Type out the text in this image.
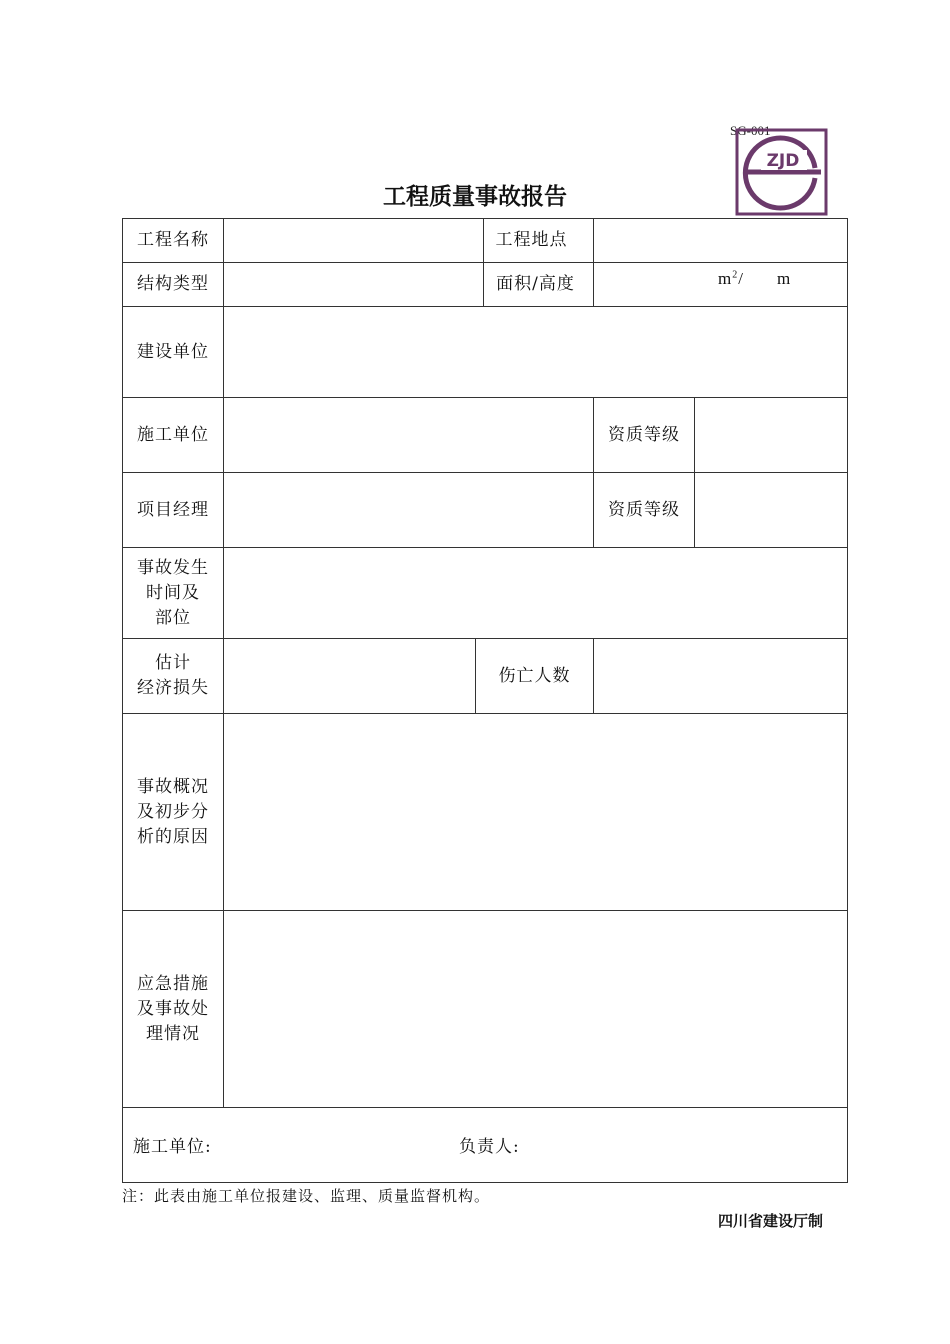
SG-001
ZJD
工程质量事故报告
工程名称			工程地点		
结构类型			面积/高度	$m^2/$ m	

建设单位					
施工单位				资质等级	
项目经理				资质等级	

事故发生
时间及
部位					

估计
经济损失		伤亡人数			

事故概况
及初步分
析的原因					

应急措施
及事故处
理情况					

施工单位: 负责人:					
注：此表由施工单位报建设、监理、质量监督机构。
四川省建设厅制
